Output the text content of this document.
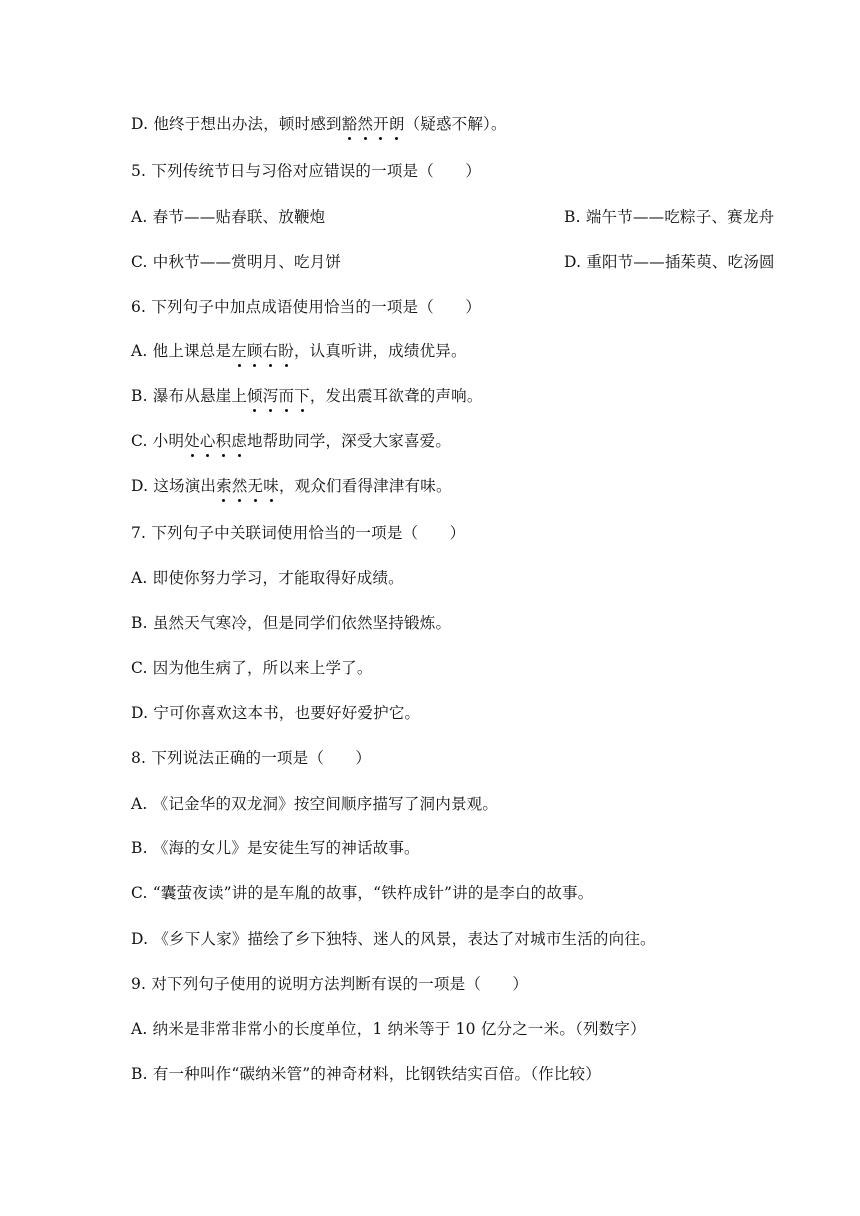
D. 他终于想出办法，顿时感到豁然开朗（疑惑不解）。
5. 下列传统节日与习俗对应错误的一项是（　　）
A. 春节——贴春联、放鞭炮	B. 端午节——吃粽子、赛龙舟
C. 中秋节——赏明月、吃月饼	D. 重阳节——插茱萸、吃汤圆
6. 下列句子中加点成语使用恰当的一项是（　　）
A. 他上课总是左顾右盼，认真听讲，成绩优异。
B. 瀑布从悬崖上倾泻而下，发出震耳欲聋的声响。
C. 小明处心积虑地帮助同学，深受大家喜爱。
D. 这场演出索然无味，观众们看得津津有味。
7. 下列句子中关联词使用恰当的一项是（　　）
A. 即使你努力学习，才能取得好成绩。
B. 虽然天气寒冷，但是同学们依然坚持锻炼。
C. 因为他生病了，所以来上学了。
D. 宁可你喜欢这本书，也要好好爱护它。
8. 下列说法正确的一项是（　　）
A. 《记金华的双龙洞》按空间顺序描写了洞内景观。
B. 《海的女儿》是安徒生写的神话故事。
C. “囊萤夜读”讲的是车胤的故事，“铁杵成针”讲的是李白的故事。
D. 《乡下人家》描绘了乡下独特、迷人的风景，表达了对城市生活的向往。
9. 对下列句子使用的说明方法判断有误的一项是（　　）
A. 纳米是非常非常小的长度单位，1 纳米等于 10 亿分之一米。（列数字）
B. 有一种叫作“碳纳米管”的神奇材料，比钢铁结实百倍。（作比较）
